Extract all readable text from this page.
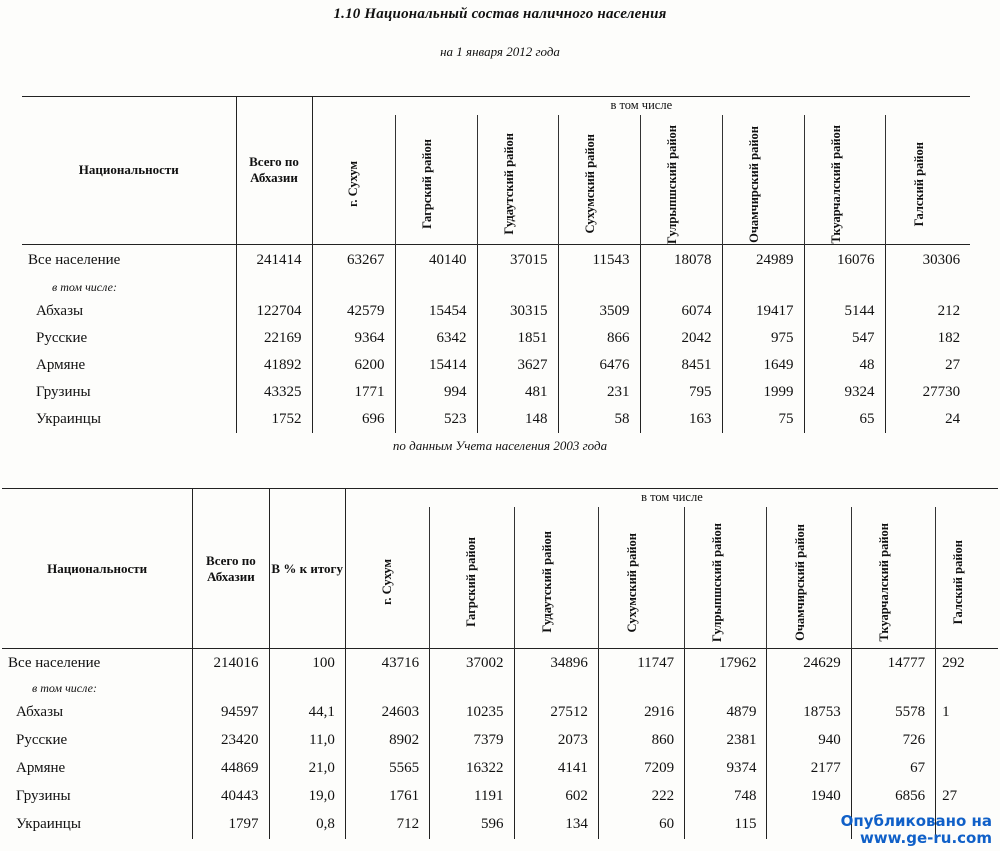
1.10 Национальный состав наличного населения
на 1 января 2012 года
Национальности	Всего по Абхазии	в том числе							

		г. Сухум	Гагрский район	Гудаутский район	Сухумский район	Гулрыпшский район	Очамчирский район	Ткуарчалский район	Галский район

Все население	241414	63267	40140	37015	11543	18078	24989	16076	30306
в том числе:									
Абхазы	122704	42579	15454	30315	3509	6074	19417	5144	212
Русские	22169	9364	6342	1851	866	2042	975	547	182
Армяне	41892	6200	15414	3627	6476	8451	1649	48	27
Грузины	43325	1771	994	481	231	795	1999	9324	27730
Украинцы	1752	696	523	148	58	163	75	65	24
по данным Учета населения 2003 года
Национальности	Всего по Абхазии	В % к итогу	в том числе							

			г. Сухум	Гагрский район	Гудаутский район	Сухумский район	Гулрыпшский район	Очамчирский район	Ткуарчалский район	Галский район

Все население	214016	100	43716	37002	34896	11747	17962	24629	14777	292
в том числе:										
Абхазы	94597	44,1	24603	10235	27512	2916	4879	18753	5578	1
Русские	23420	11,0	8902	7379	2073	860	2381	940	726	
Армяне	44869	21,0	5565	16322	4141	7209	9374	2177	67	
Грузины	40443	19,0	1761	1191	602	222	748	1940	6856	27
Украинцы	1797	0,8	712	596	134	60	115				Опубликовано на
www.ge-ru.com
